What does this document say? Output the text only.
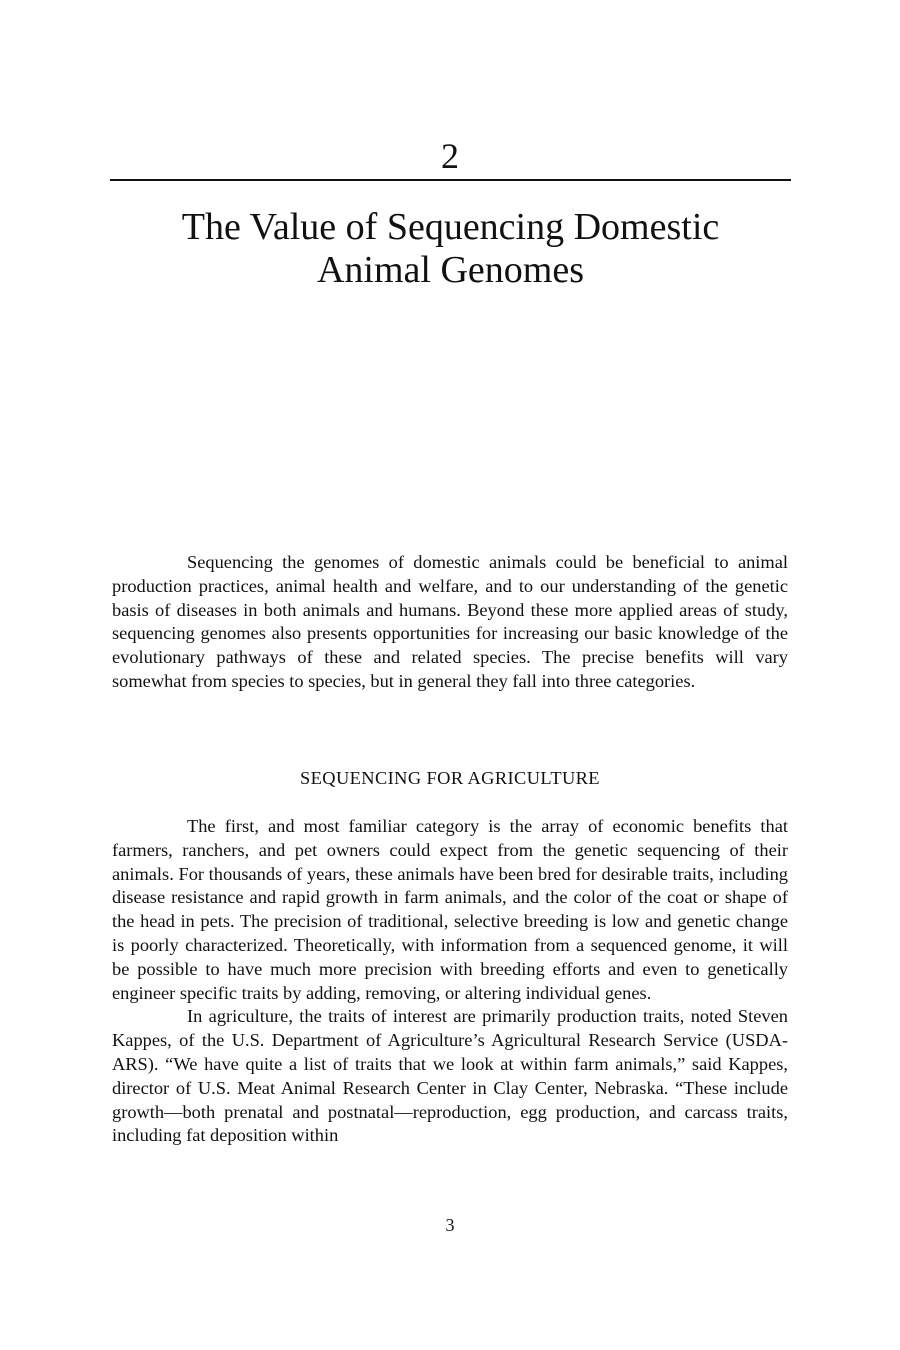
2
The Value of Sequencing Domestic
Animal Genomes

Sequencing the genomes of domestic animals could be beneficial to animal production practices, animal health and welfare, and to our understanding of the genetic basis of diseases in both animals and humans. Beyond these more applied areas of study, sequencing genomes also presents opportunities for increasing our basic knowledge of the evolutionary pathways of these and related species. The precise benefits will vary somewhat from species to species, but in general they fall into three categories.

SEQUENCING FOR AGRICULTURE

The first, and most familiar category is the array of economic benefits that farmers, ranchers, and pet owners could expect from the genetic sequencing of their animals. For thousands of years, these animals have been bred for desirable traits, including disease resistance and rapid growth in farm animals, and the color of the coat or shape of the head in pets. The precision of traditional, selective breeding is low and genetic change is poorly characterized. Theoretically, with information from a sequenced genome, it will be possible to have much more precision with breeding efforts and even to genetically engineer specific traits by adding, removing, or altering individual genes.

In agriculture, the traits of interest are primarily production traits, noted Steven Kappes, of the U.S. Department of Agriculture’s Agricultural Research Service (USDA-ARS). “We have quite a list of traits that we look at within farm animals,” said Kappes, director of U.S. Meat Animal Research Center in Clay Center, Nebraska. “These include growth—both prenatal and postnatal—reproduction, egg production, and carcass traits, including fat deposition within

3
